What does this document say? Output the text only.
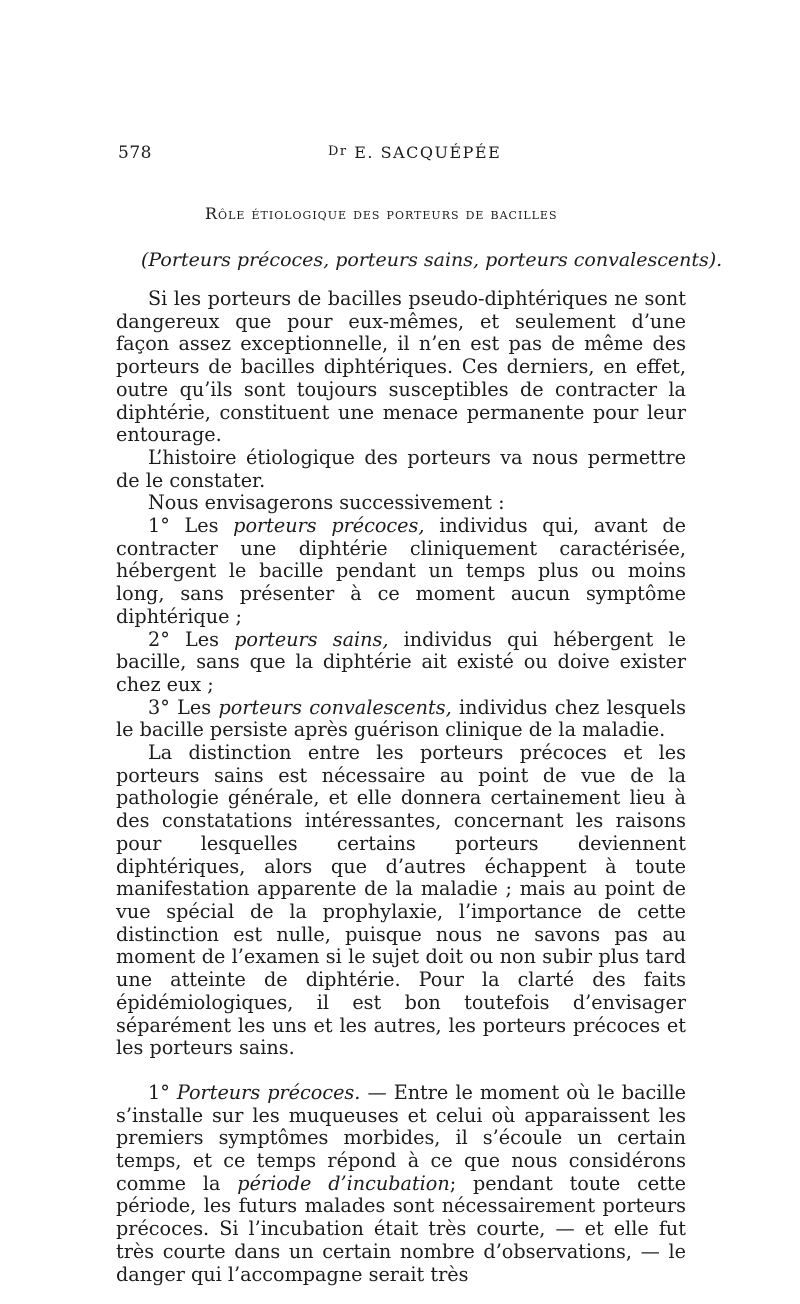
578	Dr E. SACQUÉPÉE
Rôle étiologique des porteurs de bacilles
(Porteurs précoces, porteurs sains, porteurs convalescents).

Si les porteurs de bacilles pseudo-diphtériques ne sont dangereux que pour eux-mêmes, et seulement d’une façon assez exceptionnelle, il n’en est pas de même des porteurs de bacilles diphtériques. Ces derniers, en effet, outre qu’ils sont toujours susceptibles de contracter la diphtérie, constituent une menace permanente pour leur entourage.

L’histoire étiologique des porteurs va nous permettre de le constater.

Nous envisagerons successivement :

1° Les porteurs précoces, individus qui, avant de contracter une diphtérie cliniquement caractérisée, hébergent le bacille pendant un temps plus ou moins long, sans présenter à ce moment aucun symptôme diphtérique ;

2° Les porteurs sains, individus qui hébergent le bacille, sans que la diphtérie ait existé ou doive exister chez eux ;

3° Les porteurs convalescents, individus chez lesquels le bacille persiste après guérison clinique de la maladie.

La distinction entre les porteurs précoces et les porteurs sains est nécessaire au point de vue de la pathologie générale, et elle donnera certainement lieu à des constatations intéressantes, concernant les raisons pour lesquelles certains porteurs deviennent diphtériques, alors que d’autres échappent à toute manifestation apparente de la maladie ; mais au point de vue spécial de la prophylaxie, l’importance de cette distinction est nulle, puisque nous ne savons pas au moment de l’examen si le sujet doit ou non subir plus tard une atteinte de diphtérie. Pour la clarté des faits épidémiologiques, il est bon toutefois d’envisager séparément les uns et les autres, les porteurs précoces et les porteurs sains.

1° Porteurs précoces. — Entre le moment où le bacille s’installe sur les muqueuses et celui où apparaissent les premiers symptômes morbides, il s’écoule un certain temps, et ce temps répond à ce que nous considérons comme la période d’incubation; pendant toute cette période, les futurs malades sont nécessairement porteurs précoces. Si l’incubation était très courte, — et elle fut très courte dans un certain nombre d’observations, — le danger qui l’accompagne serait très
